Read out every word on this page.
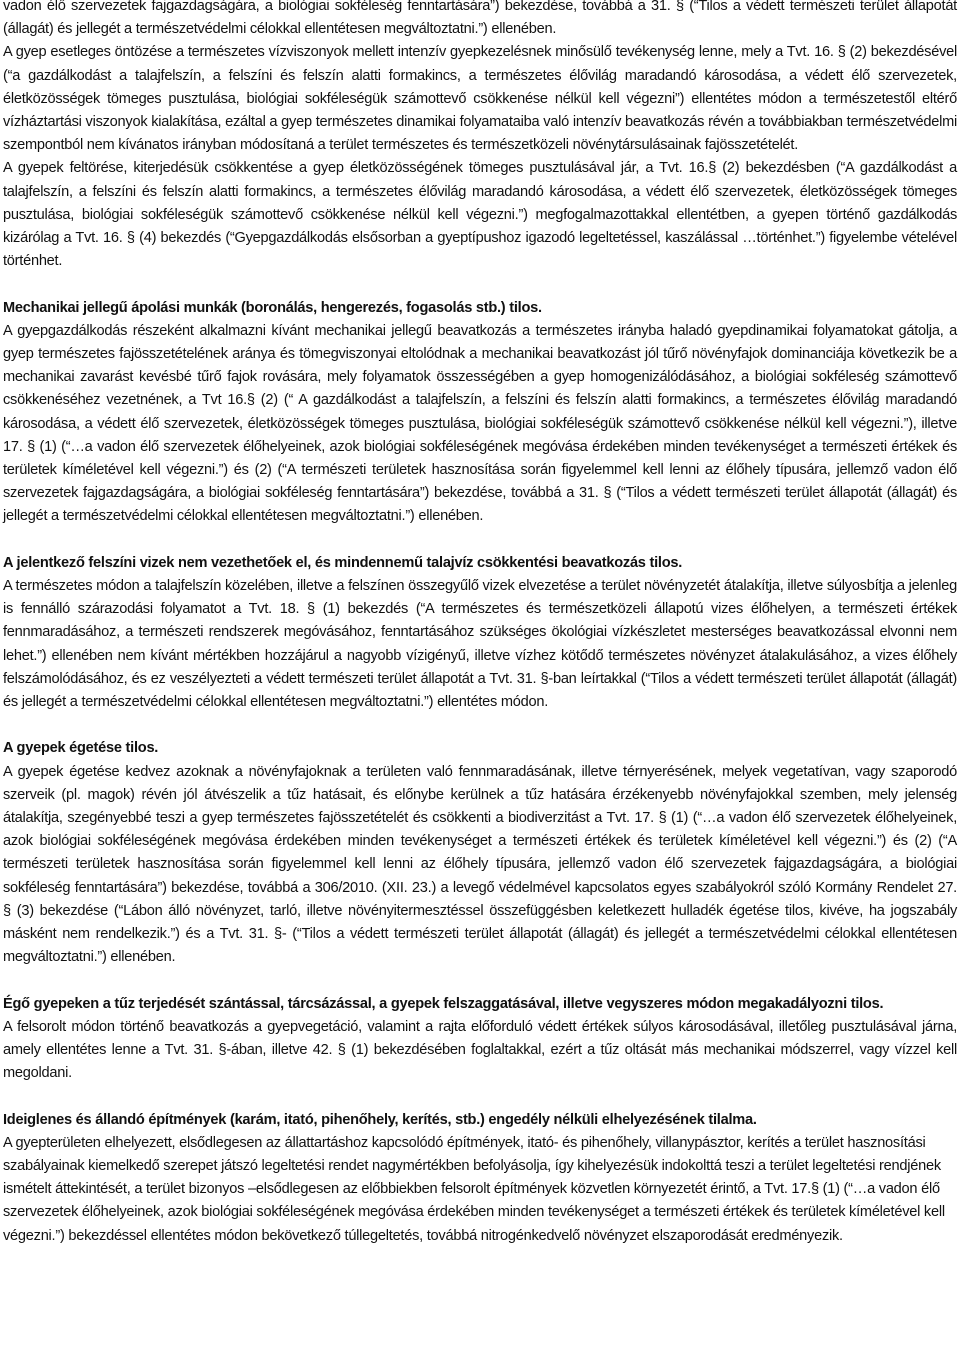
vadon élő szervezetek fajgazdagságára, a biológiai sokféleség fenntartására”) bekezdése, továbbá a 31. § (“Tilos a védett természeti terület állapotát (állagát) és jellegét a természetvédelmi célokkal ellentétesen megváltoztatni.”) ellenében.

A gyep esetleges öntözése a természetes vízviszonyok mellett intenzív gyepkezelésnek minősülő tevékenység lenne, mely a Tvt. 16. § (2) bekezdésével (“a gazdálkodást a talajfelszín, a felszíni és felszín alatti formakincs, a természetes élővilág maradandó károsodása, a védett élő szervezetek, életközösségek tömeges pusztulása, biológiai sokféleségük számottevő csökkenése nélkül kell végezni”) ellentétes módon a természetestől eltérő vízháztartási viszonyok kialakítása, ezáltal a gyep természetes dinamikai folyamataiba való intenzív beavatkozás révén a továbbiakban természetvédelmi szempontból nem kívánatos irányban módosítaná a terület természetes és természetközeli növénytársulásainak fajösszetételét.

A gyepek feltörése, kiterjedésük csökkentése a gyep életközösségének tömeges pusztulásával jár, a Tvt. 16.§ (2) bekezdésben (“A gazdálkodást a talajfelszín, a felszíni és felszín alatti formakincs, a természetes élővilág maradandó károsodása, a védett élő szervezetek, életközösségek tömeges pusztulása, biológiai sokféleségük számottevő csökkenése nélkül kell végezni.”) megfogalmazottakkal ellentétben, a gyepen történő gazdálkodás kizárólag a Tvt. 16. § (4) bekezdés (“Gyepgazdálkodás elsősorban a gyeptípushoz igazodó legeltetéssel, kaszálással …történhet.”) figyelembe vételével történhet.

Mechanikai jellegű ápolási munkák (boronálás, hengerezés, fogasolás stb.) tilos.

A gyepgazdálkodás részeként alkalmazni kívánt mechanikai jellegű beavatkozás a természetes irányba haladó gyepdinamikai folyamatokat gátolja, a gyep természetes fajösszetételének aránya és tömegviszonyai eltolódnak a mechanikai beavatkozást jól tűrő növényfajok dominanciája következik be a mechanikai zavarást kevésbé tűrő fajok rovására, mely folyamatok összességében a gyep homogenizálódásához, a biológiai sokféleség számottevő csökkenéséhez vezetnének, a Tvt 16.§ (2) (“ A gazdálkodást a talajfelszín, a felszíni és felszín alatti formakincs, a természetes élővilág maradandó károsodása, a védett élő szervezetek, életközösségek tömeges pusztulása, biológiai sokféleségük számottevő csökkenése nélkül kell végezni.”), illetve 17. § (1) (“…a vadon élő szervezetek élőhelyeinek, azok biológiai sokféleségének megóvása érdekében minden tevékenységet a természeti értékek és területek kíméletével kell végezni.”) és (2) (“A természeti területek hasznosítása során figyelemmel kell lenni az élőhely típusára, jellemző vadon élő szervezetek fajgazdagságára, a biológiai sokféleség fenntartására”) bekezdése, továbbá a 31. § (“Tilos a védett természeti terület állapotát (állagát) és jellegét a természetvédelmi célokkal ellentétesen megváltoztatni.”) ellenében.

A jelentkező felszíni vizek nem vezethetőek el, és mindennemű talajvíz csökkentési beavatkozás tilos.

A természetes módon a talajfelszín közelében, illetve a felszínen összegyűlő vizek elvezetése a terület növényzetét átalakítja, illetve súlyosbítja a jelenleg is fennálló szárazodási folyamatot a Tvt. 18. § (1) bekezdés (“A természetes és természetközeli állapotú vizes élőhelyen, a természeti értékek fennmaradásához, a természeti rendszerek megóvásához, fenntartásához szükséges ökológiai vízkészletet mesterséges beavatkozással elvonni nem lehet.”) ellenében nem kívánt mértékben hozzájárul a nagyobb vízigényű, illetve vízhez kötődő természetes növényzet átalakulásához, a vizes élőhely felszámolódásához, és ez veszélyezteti a védett természeti terület állapotát a Tvt. 31. §-ban leírtakkal (“Tilos a védett természeti terület állapotát (állagát) és jellegét a természetvédelmi célokkal ellentétesen megváltoztatni.”) ellentétes módon.

A gyepek égetése tilos.

A gyepek égetése kedvez azoknak a növényfajoknak a területen való fennmaradásának, illetve térnyerésének, melyek vegetatívan, vagy szaporodó szerveik (pl. magok) révén jól átvészelik a tűz hatásait, és előnybe kerülnek a tűz hatására érzékenyebb növényfajokkal szemben, mely jelenség átalakítja, szegényebbé teszi a gyep természetes fajösszetételét és csökkenti a biodiverzitást a Tvt. 17. § (1) (“…a vadon élő szervezetek élőhelyeinek, azok biológiai sokféleségének megóvása érdekében minden tevékenységet a természeti értékek és területek kíméletével kell végezni.”) és (2) (“A természeti területek hasznosítása során figyelemmel kell lenni az élőhely típusára, jellemző vadon élő szervezetek fajgazdagságára, a biológiai sokféleség fenntartására”) bekezdése, továbbá a 306/2010. (XII. 23.) a levegő védelmével kapcsolatos egyes szabályokról szóló Kormány Rendelet 27. § (3) bekezdése (“Lábon álló növényzet, tarló, illetve növényitermesztéssel összefüggésben keletkezett hulladék égetése tilos, kivéve, ha jogszabály másként nem rendelkezik.”) és a Tvt. 31. §- (“Tilos a védett természeti terület állapotát (állagát) és jellegét a természetvédelmi célokkal ellentétesen megváltoztatni.”) ellenében.

Égő gyepeken a tűz terjedését szántással, tárcsázással, a gyepek felszaggatásával, illetve vegyszeres módon megakadályozni tilos.

A felsorolt módon történő beavatkozás a gyepvegetáció, valamint a rajta előforduló védett értékek súlyos károsodásával, illetőleg pusztulásával járna, amely ellentétes lenne a Tvt. 31. §-ában, illetve 42. § (1) bekezdésében foglaltakkal, ezért a tűz oltását más mechanikai módszerrel, vagy vízzel kell megoldani.

Ideiglenes és állandó építmények (karám, itató, pihenőhely, kerítés, stb.) engedély nélküli elhelyezésének tilalma.

A gyepterületen elhelyezett, elsődlegesen az állattartáshoz kapcsolódó építmények, itató- és pihenőhely, villanypásztor, kerítés a terület hasznosítási szabályainak kiemelkedő szerepet játszó legeltetési rendet nagymértékben befolyásolja, így kihelyezésük indokolttá teszi a terület legeltetési rendjének ismételt áttekintését, a terület bizonyos –elsődlegesen az előbbiekben felsorolt építmények közvetlen környezetét érintő, a Tvt. 17.§ (1) (“…a vadon élő szervezetek élőhelyeinek, azok biológiai sokféleségének megóvása érdekében minden tevékenységet a természeti értékek és területek kíméletével kell végezni.”) bekezdéssel ellentétes módon bekövetkező túllegeltetés, továbbá nitrogénkedvelő növényzet elszaporodását eredményezik.
